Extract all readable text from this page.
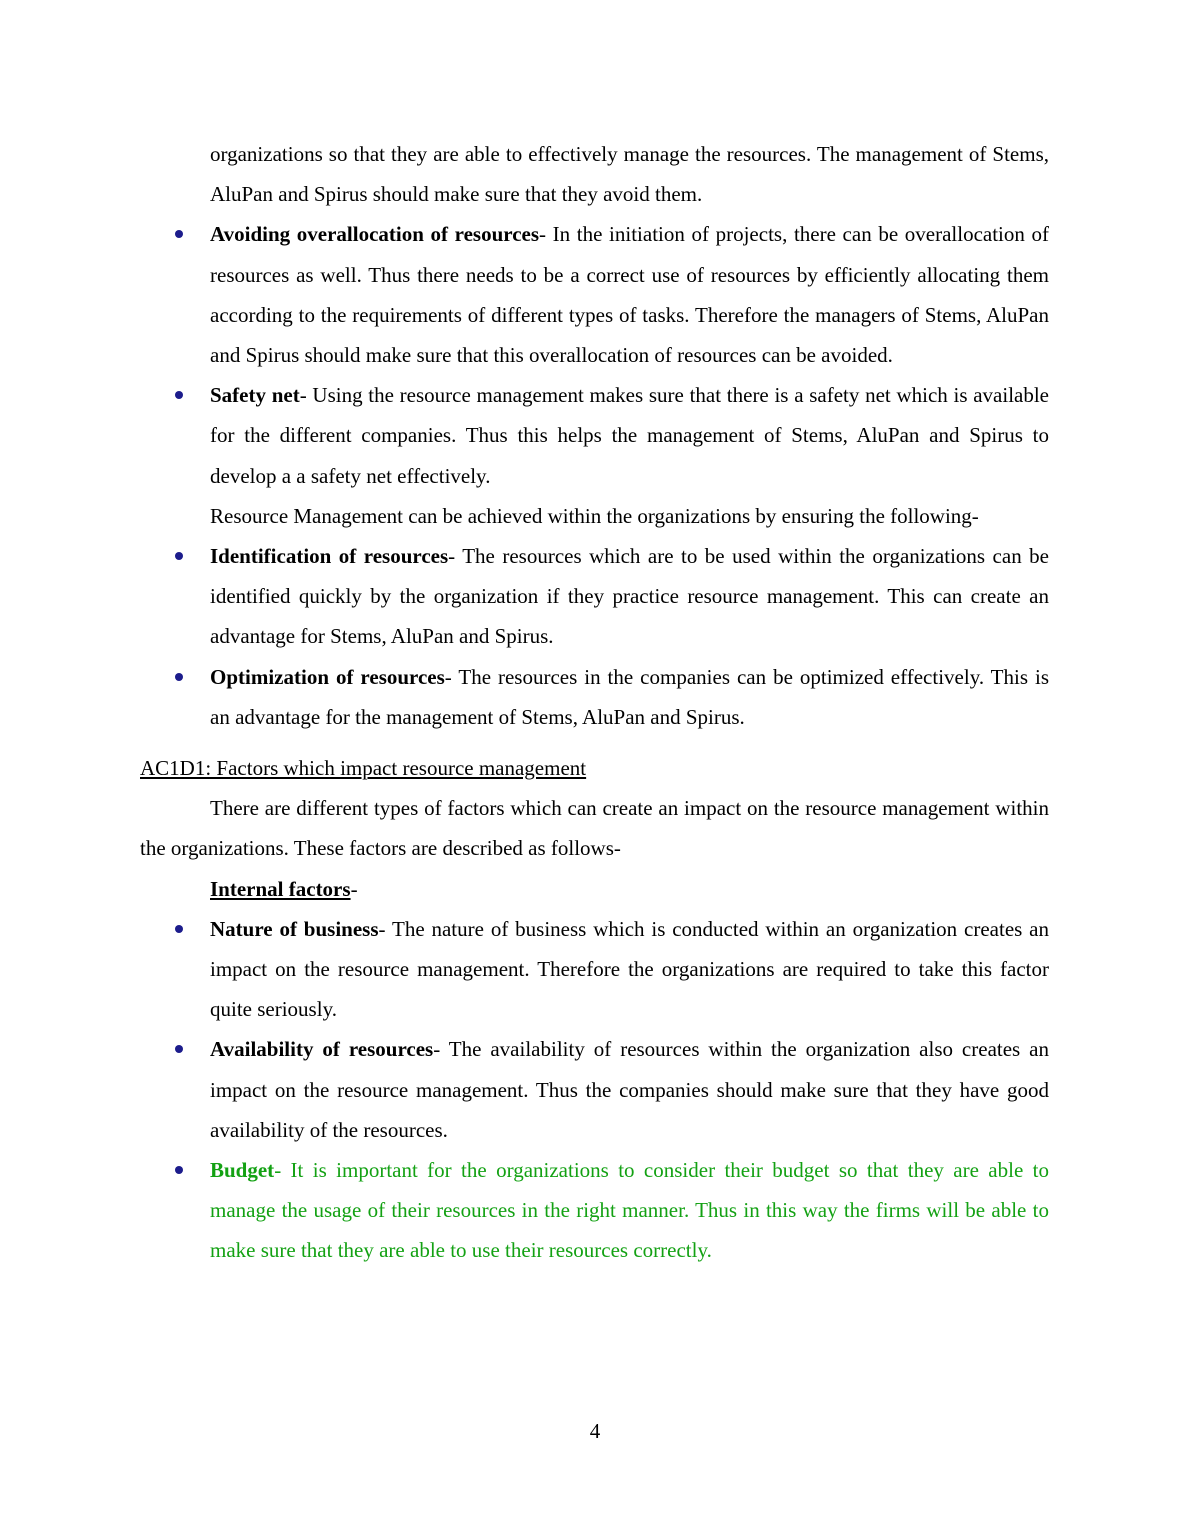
organizations so that they are able to effectively manage the resources. The management of Stems, AluPan and Spirus should make sure that they avoid them.

Avoiding overallocation of resources- In the initiation of projects, there can be overallocation of resources as well. Thus there needs to be a correct use of resources by efficiently allocating them according to the requirements of different types of tasks. Therefore the managers of Stems, AluPan and Spirus should make sure that this overallocation of resources can be avoided.
Safety net- Using the resource management makes sure that there is a safety net which is available for the different companies. Thus this helps the management of Stems, AluPan and Spirus to develop a a safety net effectively.

Resource Management can be achieved within the organizations by ensuring the following-

Identification of resources- The resources which are to be used within the organizations can be identified quickly by the organization if they practice resource management. This can create an advantage for Stems, AluPan and Spirus.
Optimization of resources- The resources in the companies can be optimized effectively. This is an advantage for the management of Stems, AluPan and Spirus.

AC1D1: Factors which impact resource management

There are different types of factors which can create an impact on the resource management within the organizations. These factors are described as follows-

Internal factors-

Nature of business- The nature of business which is conducted within an organization creates an impact on the resource management. Therefore the organizations are required to take this factor quite seriously.
Availability of resources- The availability of resources within the organization also creates an impact on the resource management. Thus the companies should make sure that they have good availability of the resources.
Budget- It is important for the organizations to consider their budget so that they are able to manage the usage of their resources in the right manner. Thus in this way the firms will be able to make sure that they are able to use their resources correctly.
4
